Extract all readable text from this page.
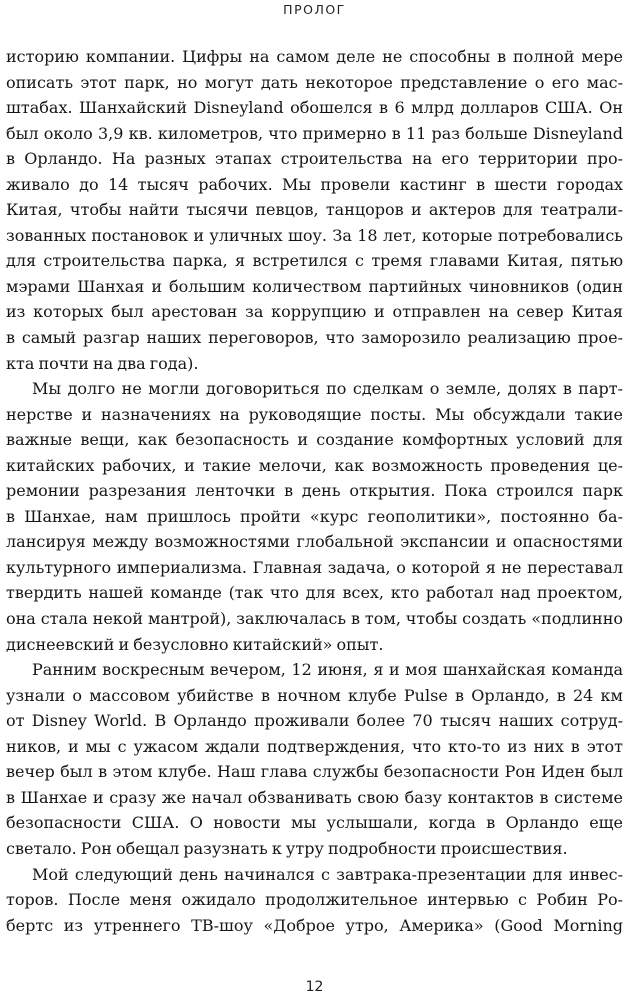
ПРОЛОГ
историю компании. Цифры на самом деле не способны в полной мере
описать этот парк, но могут дать некоторое представление о его мас-
штабах. Шанхайский Disneyland обошелся в 6 млрд долларов США. Он
был около 3,9 кв. километров, что примерно в 11 раз больше Disneyland
в Орландо. На разных этапах строительства на его территории про-
живало до 14 тысяч рабочих. Мы провели кастинг в шести городах
Китая, чтобы найти тысячи певцов, танцоров и актеров для театрали-
зованных постановок и уличных шоу. За 18 лет, которые потребовались
для строительства парка, я встретился с тремя главами Китая, пятью
мэрами Шанхая и большим количеством партийных чиновников (один
из которых был арестован за коррупцию и отправлен на север Китая
в самый разгар наших переговоров, что заморозило реализацию прое-
кта почти на два года).
Мы долго не могли договориться по сделкам о земле, долях в парт-
нерстве и назначениях на руководящие посты. Мы обсуждали такие
важные вещи, как безопасность и создание комфортных условий для
китайских рабочих, и такие мелочи, как возможность проведения це-
ремонии разрезания ленточки в день открытия. Пока строился парк
в Шанхае, нам пришлось пройти «курс геополитики», постоянно ба-
лансируя между возможностями глобальной экспансии и опасностями
культурного империализма. Главная задача, о которой я не переставал
твердить нашей команде (так что для всех, кто работал над проектом,
она стала некой мантрой), заключалась в том, чтобы создать «подлинно
диснеевский и безусловно китайский» опыт.
Ранним воскресным вечером, 12 июня, я и моя шанхайская команда
узнали о массовом убийстве в ночном клубе Pulse в Орландо, в 24 км
от Disney World. В Орландо проживали более 70 тысяч наших сотруд-
ников, и мы с ужасом ждали подтверждения, что кто-то из них в этот
вечер был в этом клубе. Наш глава службы безопасности Рон Иден был
в Шанхае и сразу же начал обзванивать свою базу контактов в системе
безопасности США. О новости мы услышали, когда в Орландо еще
светало. Рон обещал разузнать к утру подробности происшествия.
Мой следующий день начинался с завтрака-презентации для инвес-
торов. После меня ожидало продолжительное интервью с Робин Ро-
бертс из утреннего ТВ-шоу «Доброе утро, Америка» (Good Morning
12
